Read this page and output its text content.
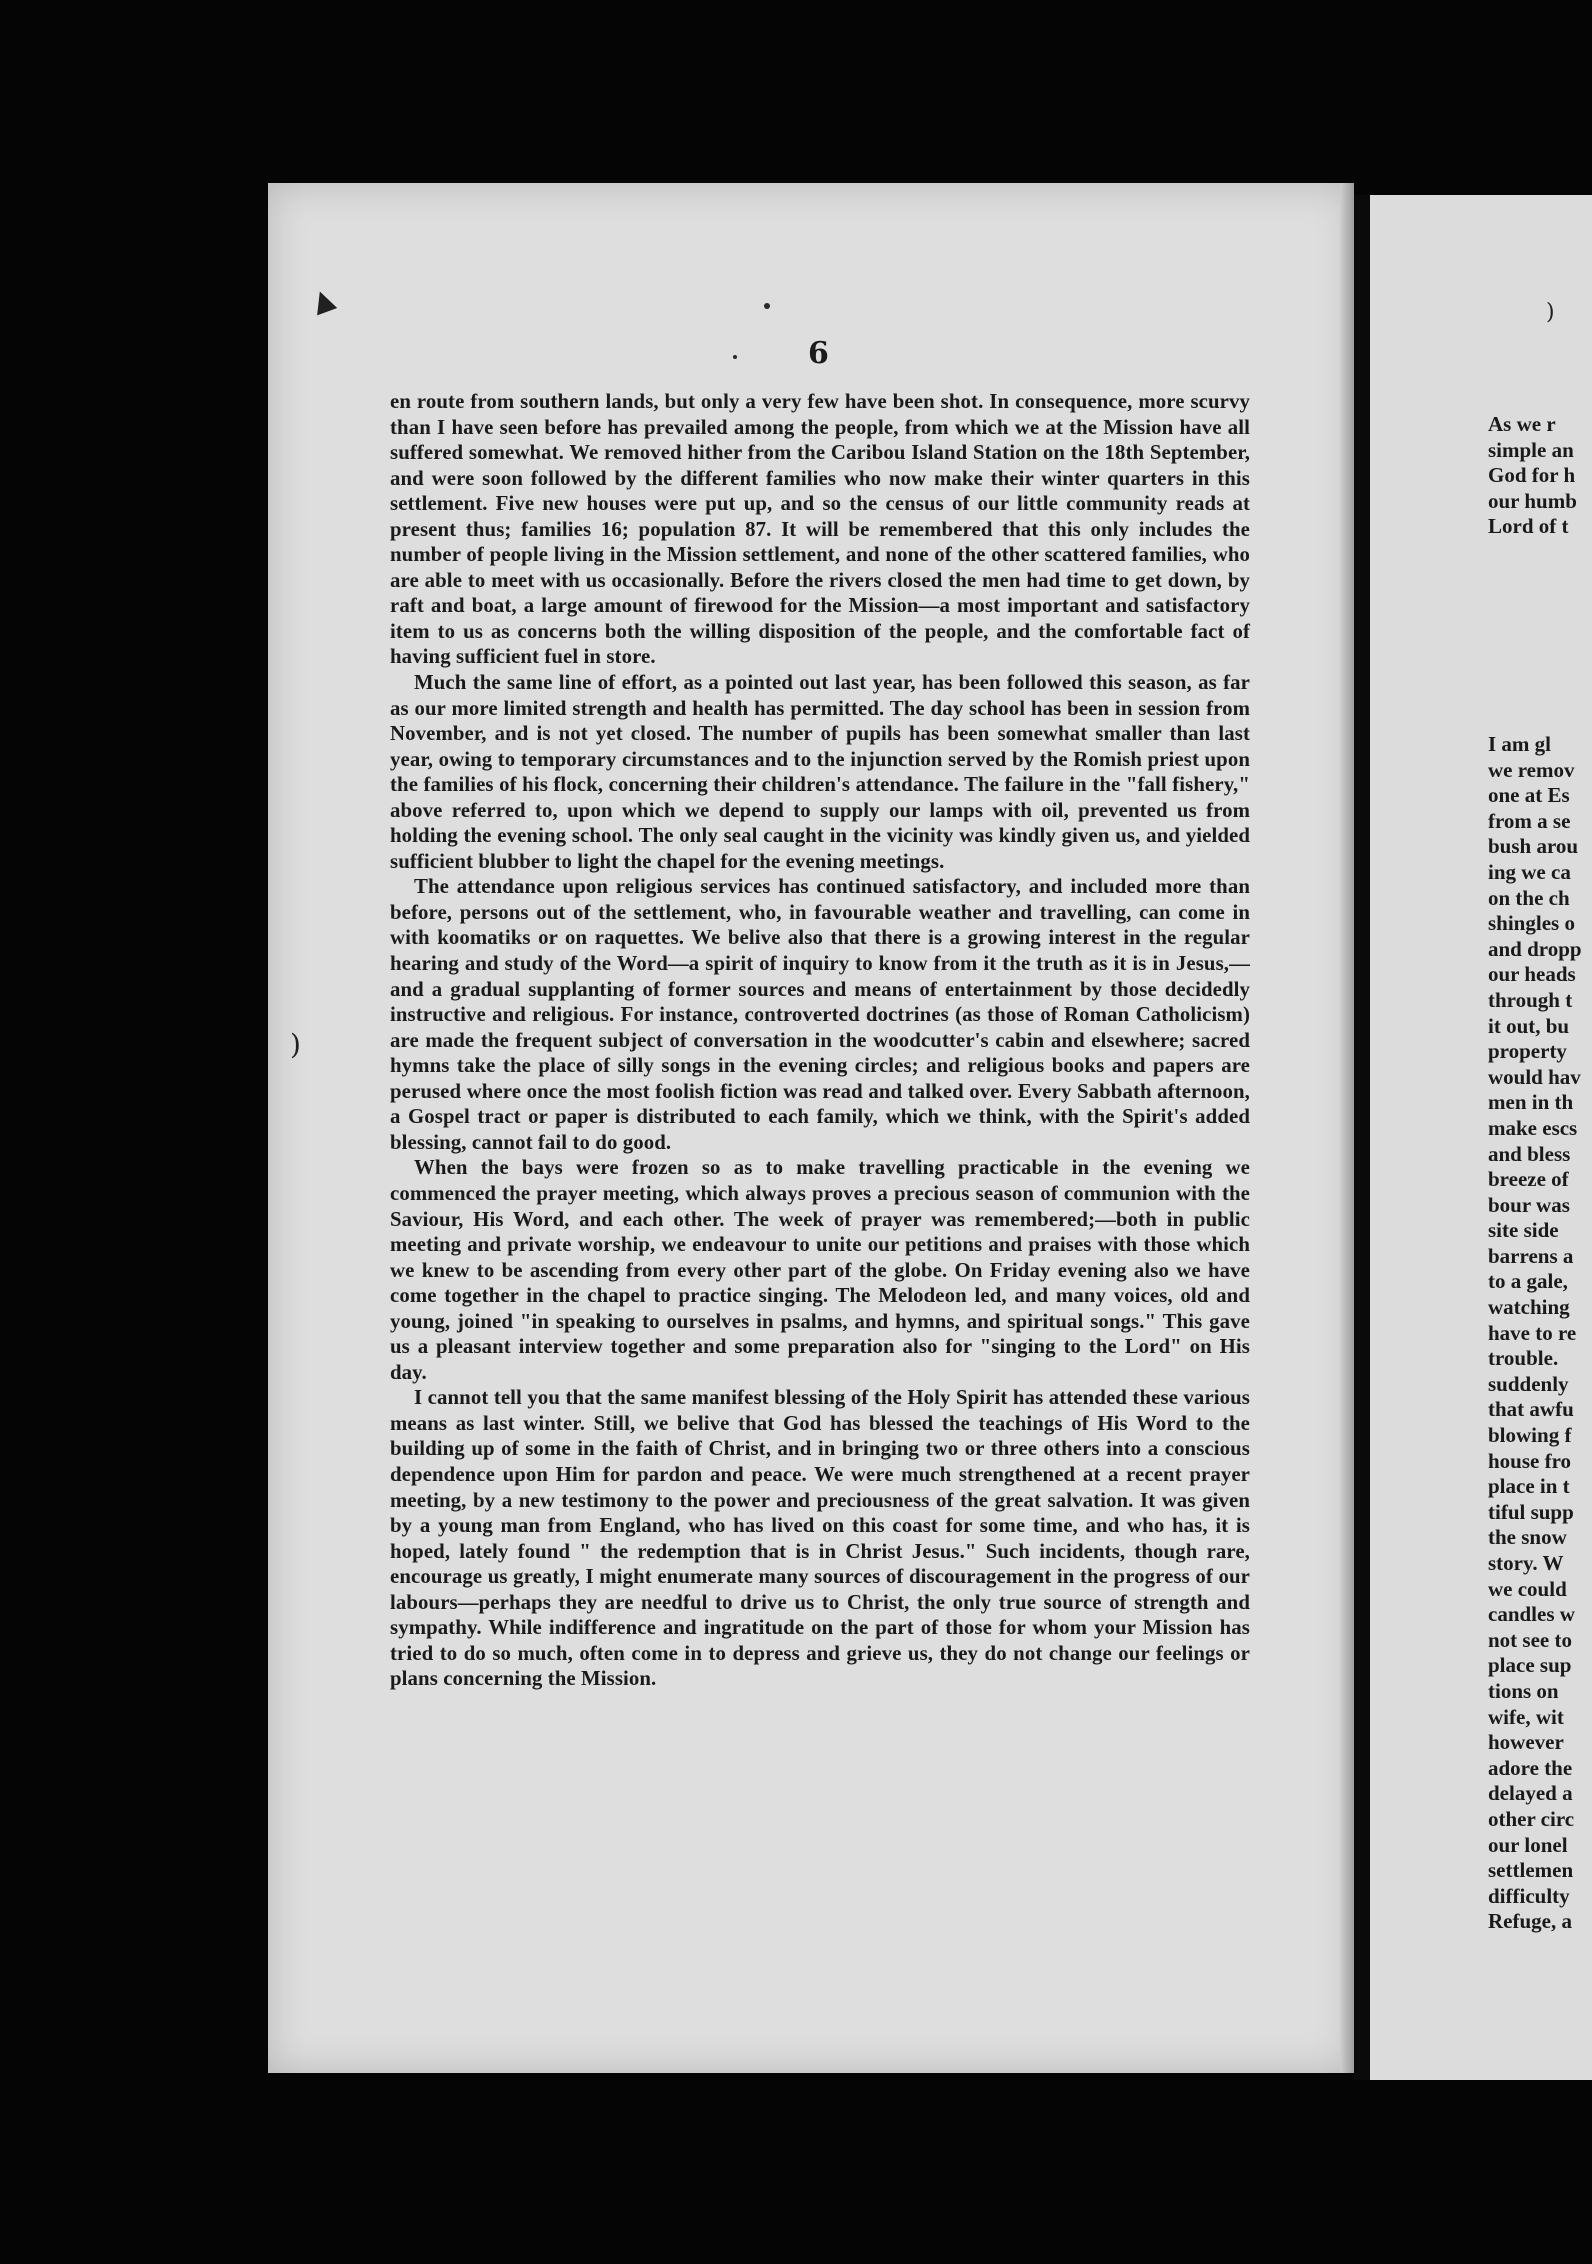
▲
)
)
6

en route from southern lands, but only a very few have been shot. In consequence, more scurvy than I have seen before has prevailed among the people, from which we at the Mission have all suffered somewhat. We removed hither from the Caribou Island Station on the 18th September, and were soon followed by the different families who now make their winter quarters in this settlement. Five new houses were put up, and so the census of our little community reads at present thus; families 16; population 87. It will be remembered that this only includes the number of people living in the Mission settlement, and none of the other scattered families, who are able to meet with us occasionally. Before the rivers closed the men had time to get down, by raft and boat, a large amount of firewood for the Mission—a most important and satisfactory item to us as concerns both the willing disposition of the people, and the comfortable fact of having sufficient fuel in store.

Much the same line of effort, as a pointed out last year, has been followed this season, as far as our more limited strength and health has permitted. The day school has been in session from November, and is not yet closed. The number of pupils has been somewhat smaller than last year, owing to temporary circumstances and to the injunction served by the Romish priest upon the families of his flock, concerning their children's attendance. The failure in the "fall fishery," above referred to, upon which we depend to supply our lamps with oil, prevented us from holding the evening school. The only seal caught in the vicinity was kindly given us, and yielded sufficient blubber to light the chapel for the evening meetings.

The attendance upon religious services has continued satisfactory, and included more than before, persons out of the settlement, who, in favourable weather and travelling, can come in with koomatiks or on raquettes. We belive also that there is a growing interest in the regular hearing and study of the Word—a spirit of inquiry to know from it the truth as it is in Jesus,—and a gradual supplanting of former sources and means of entertainment by those decidedly instructive and religious. For instance, controverted doctrines (as those of Roman Catholicism) are made the frequent subject of conversation in the woodcutter's cabin and elsewhere; sacred hymns take the place of silly songs in the evening circles; and religious books and papers are perused where once the most foolish fiction was read and talked over. Every Sabbath afternoon, a Gospel tract or paper is distributed to each family, which we think, with the Spirit's added blessing, cannot fail to do good.

When the bays were frozen so as to make travelling practicable in the evening we commenced the prayer meeting, which always proves a precious season of communion with the Saviour, His Word, and each other. The week of prayer was remembered;—both in public meeting and private worship, we endeavour to unite our petitions and praises with those which we knew to be ascending from every other part of the globe. On Friday evening also we have come together in the chapel to practice singing. The Melodeon led, and many voices, old and young, joined "in speaking to ourselves in psalms, and hymns, and spiritual songs." This gave us a pleasant interview together and some preparation also for "singing to the Lord" on His day.

I cannot tell you that the same manifest blessing of the Holy Spirit has attended these various means as last winter. Still, we belive that God has blessed the teachings of His Word to the building up of some in the faith of Christ, and in bringing two or three others into a conscious dependence upon Him for pardon and peace. We were much strengthened at a recent prayer meeting, by a new testimony to the power and preciousness of the great salvation. It was given by a young man from England, who has lived on this coast for some time, and who has, it is hoped, lately found " the redemption that is in Christ Jesus." Such incidents, though rare, encourage us greatly, I might enumerate many sources of discouragement in the progress of our labours—perhaps they are needful to drive us to Christ, the only true source of strength and sympathy. While indifference and ingratitude on the part of those for whom your Mission has tried to do so much, often come in to depress and grieve us, they do not change our feelings or plans concerning the Mission.

As we r
simple an
God for h
our humb
Lord of t
I am gl
we remov
one at Es
from a se
bush arou
ing we ca
on the ch
shingles o
and dropp
our heads
through t
it out, bu
property
would hav
men in th
make escs
and bless
breeze of
bour was
site side
barrens a
to a gale,
watching
have to re
trouble.
suddenly
that awfu
blowing f
house fro
place in t
tiful supp
the snow
story. W
we could
candles w
not see to
place sup
tions on
wife, wit
however
adore the
delayed a
other circ
our lonel
settlemen
difficulty
Refuge, a
